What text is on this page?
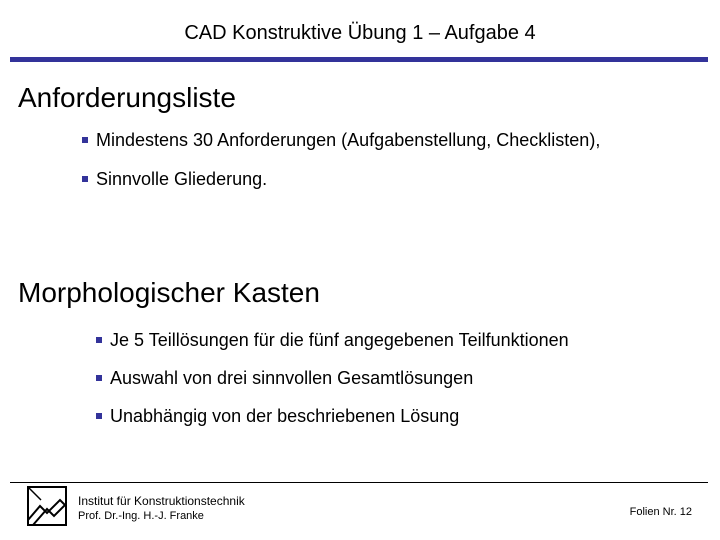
CAD Konstruktive Übung 1 – Aufgabe 4
Anforderungsliste
Mindestens 30 Anforderungen (Aufgabenstellung, Checklisten),
Sinnvolle Gliederung.
Morphologischer Kasten
Je 5 Teillösungen für die fünf angegebenen Teilfunktionen
Auswahl von drei sinnvollen Gesamtlösungen
Unabhängig von der beschriebenen Lösung
Institut für Konstruktionstechnik
Prof. Dr.-Ing. H.-J. Franke	Folien Nr. 12
